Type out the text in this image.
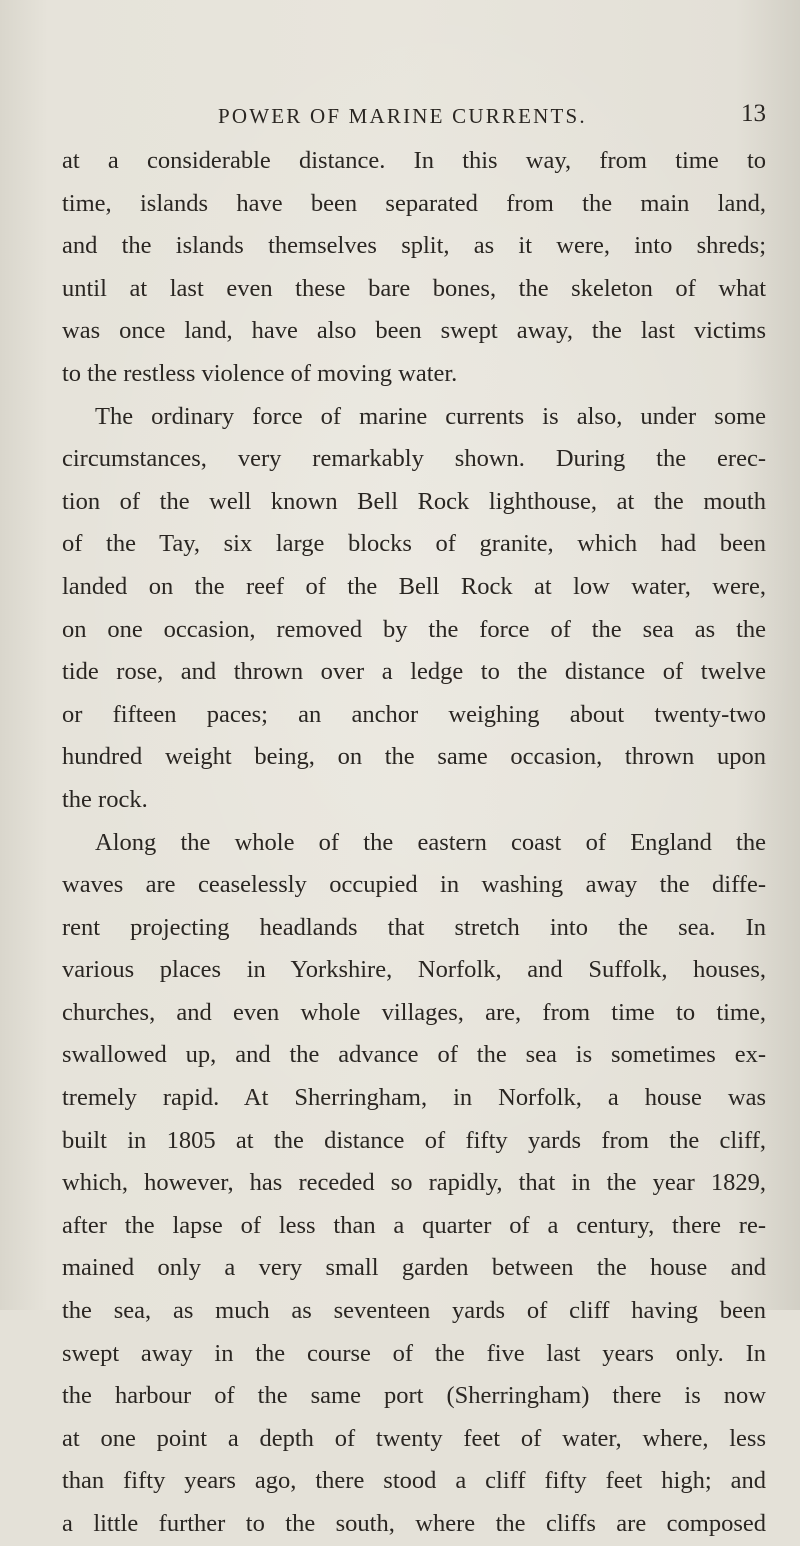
POWER OF MARINE CURRENTS.	13
at a considerable distance. In this way, from time to
time, islands have been separated from the main land,
and the islands themselves split, as it were, into shreds;
until at last even these bare bones, the skeleton of what
was once land, have also been swept away, the last victims
to the restless violence of moving water.
The ordinary force of marine currents is also, under some
circumstances, very remarkably shown. During the erec-
tion of the well known Bell Rock lighthouse, at the mouth
of the Tay, six large blocks of granite, which had been
landed on the reef of the Bell Rock at low water, were,
on one occasion, removed by the force of the sea as the
tide rose, and thrown over a ledge to the distance of twelve
or fifteen paces; an anchor weighing about twenty-two
hundred weight being, on the same occasion, thrown upon
the rock.
Along the whole of the eastern coast of England the
waves are ceaselessly occupied in washing away the diffe-
rent projecting headlands that stretch into the sea. In
various places in Yorkshire, Norfolk, and Suffolk, houses,
churches, and even whole villages, are, from time to time,
swallowed up, and the advance of the sea is sometimes ex-
tremely rapid. At Sherringham, in Norfolk, a house was
built in 1805 at the distance of fifty yards from the cliff,
which, however, has receded so rapidly, that in the year 1829,
after the lapse of less than a quarter of a century, there re-
mained only a very small garden between the house and
the sea, as much as seventeen yards of cliff having been
swept away in the course of the five last years only. In
the harbour of the same port (Sherringham) there is now
at one point a depth of twenty feet of water, where, less
than fifty years ago, there stood a cliff fifty feet high; and
a little further to the south, where the cliffs are composed
